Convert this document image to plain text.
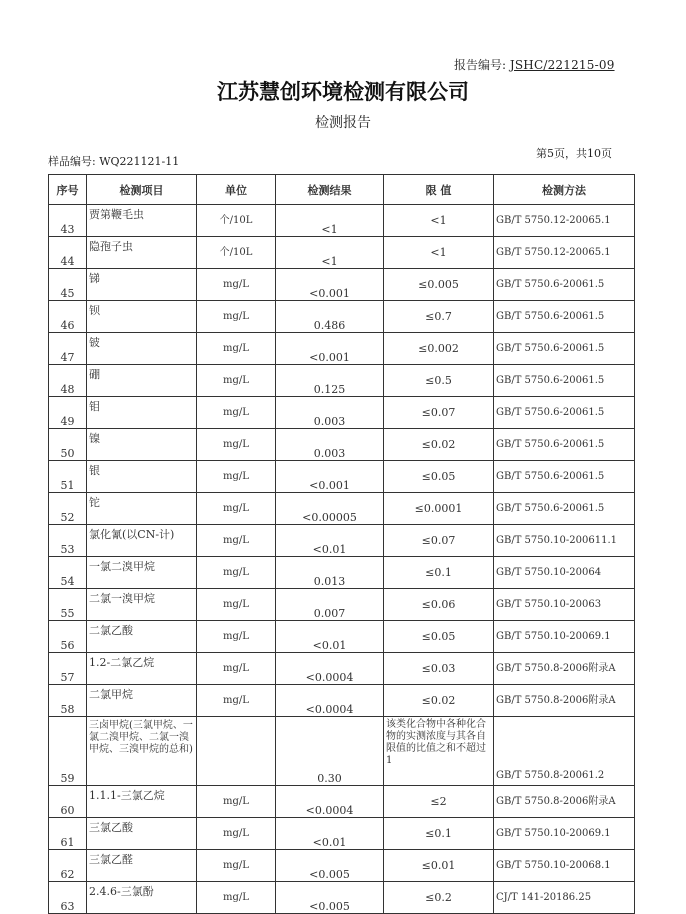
报告编号: JSHC/221215-09
江苏慧创环境检测有限公司
检测报告
第5页，共10页
样品编号: WQ221121-11
序号	检测项目	单位	检测结果	限 值	检测方法
43	贾第鞭毛虫	个/10L	<1	<1	GB/T 5750.12-20065.1
44	隐孢子虫	个/10L	<1	<1	GB/T 5750.12-20065.1
45	锑	mg/L	<0.001	≤0.005	GB/T 5750.6-20061.5
46	钡	mg/L	0.486	≤0.7	GB/T 5750.6-20061.5
47	铍	mg/L	<0.001	≤0.002	GB/T 5750.6-20061.5
48	硼	mg/L	0.125	≤0.5	GB/T 5750.6-20061.5
49	钼	mg/L	0.003	≤0.07	GB/T 5750.6-20061.5
50	镍	mg/L	0.003	≤0.02	GB/T 5750.6-20061.5
51	银	mg/L	<0.001	≤0.05	GB/T 5750.6-20061.5
52	铊	mg/L	<0.00005	≤0.0001	GB/T 5750.6-20061.5
53	氯化氰(以CN-计)	mg/L	<0.01	≤0.07	GB/T 5750.10-200611.1
54	一氯二溴甲烷	mg/L	0.013	≤0.1	GB/T 5750.10-20064
55	二氯一溴甲烷	mg/L	0.007	≤0.06	GB/T 5750.10-20063
56	二氯乙酸	mg/L	<0.01	≤0.05	GB/T 5750.10-20069.1
57	1.2-二氯乙烷	mg/L	<0.0004	≤0.03	GB/T 5750.8-2006附录A
58	二氯甲烷	mg/L	<0.0004	≤0.02	GB/T 5750.8-2006附录A
59	三卤甲烷(三氯甲烷、一氯二溴甲烷、二氯一溴甲烷、三溴甲烷的总和)		0.30	该类化合物中各种化合物的实测浓度与其各自限值的比值之和不超过1	GB/T 5750.8-20061.2
60	1.1.1-三氯乙烷	mg/L	<0.0004	≤2	GB/T 5750.8-2006附录A
61	三氯乙酸	mg/L	<0.01	≤0.1	GB/T 5750.10-20069.1
62	三氯乙醛	mg/L	<0.005	≤0.01	GB/T 5750.10-20068.1
63	2.4.6-三氯酚	mg/L	<0.005	≤0.2	CJ/T 141-20186.25
